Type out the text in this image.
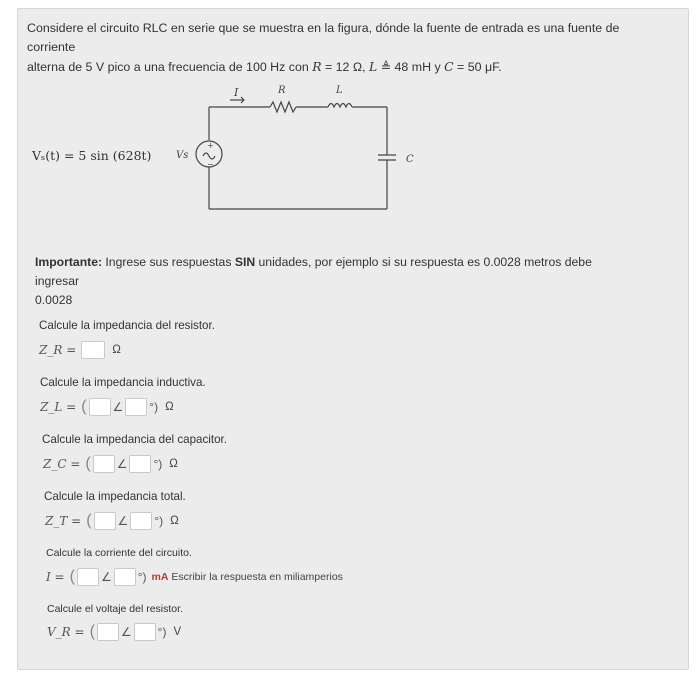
Considere el circuito RLC en serie que se muestra en la figura, dónde la fuente de entrada es una fuente de corriente
alterna de 5 V pico a una frecuencia de 100 Hz con R = 12 Ω, L ≜ 48 mH y C = 50 μF.
Vₛ(t) = 5 sin (628t)
+
−
I	R	L
C
Vs
Importante: Ingrese sus respuestas SIN unidades, por ejemplo si su respuesta es 0.0028 metros debe ingresar
0.0028
Calcule la impedancia del resistor.
Z_R =	Ω
Calcule la impedancia inductiva.
Z_L = ( ∠ °) Ω
Calcule la impedancia del capacitor.
Z_C = ( ∠ °) Ω
Calcule la impedancia total.
Z_T = ( ∠ °) Ω
Calcule la corriente del circuito.
I = ( ∠ °) mA Escribir la respuesta en miliamperios
Calcule el voltaje del resistor.
V_R = ( ∠ °) V
